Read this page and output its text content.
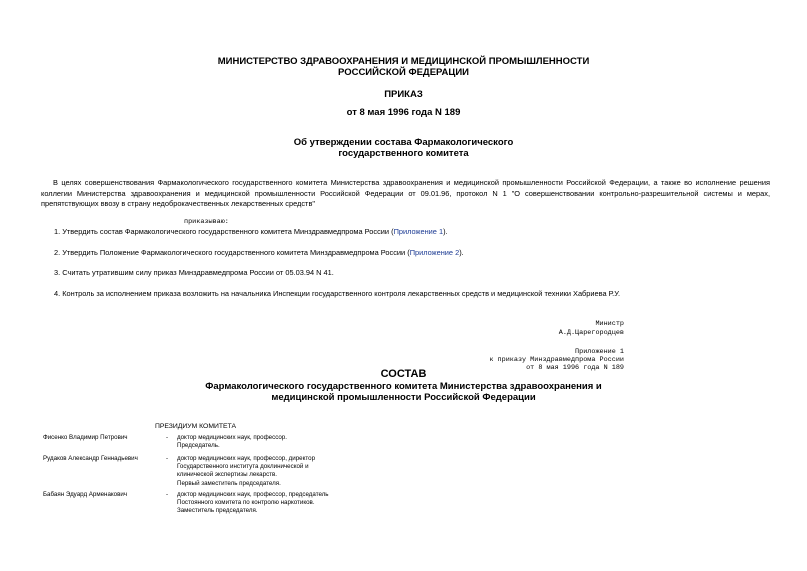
МИНИСТЕРСТВО ЗДРАВООХРАНЕНИЯ И МЕДИЦИНСКОЙ ПРОМЫШЛЕННОСТИ
РОССИЙСКОЙ ФЕДЕРАЦИИ
ПРИКАЗ
от 8 мая 1996 года N 189
Об утверждении состава Фармакологического
государственного комитета
В целях совершенствования Фармакологического государственного комитета Министерства здравоохранения и медицинской промышленности Российской Федерации, а также во исполнение решения коллегии Министерства здравоохранения и медицинской промышленности Российской Федерации от 09.01.96, протокол N 1 "О совершенствовании контрольно-разрешительной системы и мерах, препятствующих ввозу в страну недоброкачественных лекарственных средств"
приказываю:
1. Утвердить состав Фармакологического государственного комитета Минздравмедпрома России (Приложение 1).
2. Утвердить Положение Фармакологического государственного комитета Минздравмедпрома России (Приложение 2).
3. Считать утратившим силу приказ Минздравмедпрома России от 05.03.94 N 41.
4. Контроль за исполнением приказа возложить на начальника Инспекции государственного контроля лекарственных средств и медицинской техники Хабриева Р.У.
Министр
А.Д.Царегородцев
Приложение 1
к приказу Минздравмедпрома России
от 8 мая 1996 года N 189
СОСТАВ
Фармакологического государственного комитета Министерства здравоохранения и
медицинской промышленности Российской Федерации
ПРЕЗИДИУМ КОМИТЕТА
Фисенко Владимир Петрович	- доктор медицинских наук, профессор.
Председатель.
Рудаков Александр Геннадьевич	- доктор медицинских наук, профессор, директор
Государственного института доклинической и
клинической экспертизы лекарств.
Первый заместитель председателя.
Бабаян Эдуард Арменакович	- доктор медицинских наук, профессор, председатель
Постоянного комитета по контролю наркотиков.
Заместитель председателя.
